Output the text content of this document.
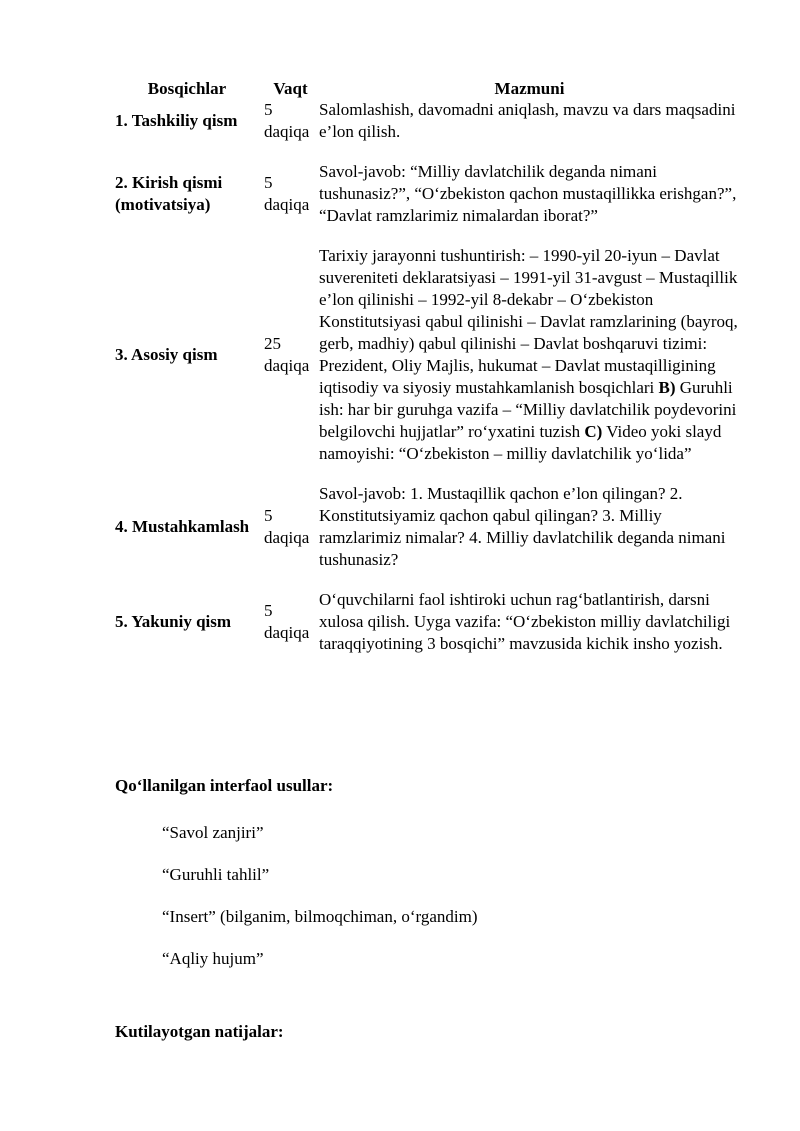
Bosqichlar	Vaqt	Mazmuni
1. Tashkiliy qism	5 daqiqa	Salomlashish, davomadni aniqlash, mavzu va dars maqsadini e’lon qilish.

2. Kirish qismi (motivatsiya)	5 daqiqa	Savol-javob: “Milliy davlatchilik deganda nimani tushunasiz?”, “O‘zbekiston qachon mustaqillikka erishgan?”, “Davlat ramzlarimiz nimalardan iborat?”

3. Asosiy qism	25 daqiqa	Tarixiy jarayonni tushuntirish: – 1990-yil 20-iyun – Davlat suvereniteti deklaratsiyasi – 1991-yil 31-avgust – Mustaqillik e’lon qilinishi – 1992-yil 8-dekabr – O‘zbekiston Konstitutsiyasi qabul qilinishi – Davlat ramzlarining (bayroq, gerb, madhiy) qabul qilinishi – Davlat boshqaruvi tizimi: Prezident, Oliy Majlis, hukumat – Davlat mustaqilligining iqtisodiy va siyosiy mustahkamlanish bosqichlari B) Guruhli ish: har bir guruhga vazifa – “Milliy davlatchilik poydevorini belgilovchi hujjatlar” ro‘yxatini tuzish C) Video yoki slayd namoyishi: “O‘zbekiston – milliy davlatchilik yo‘lida”

4. Mustahkamlash	5 daqiqa	Savol-javob: 1. Mustaqillik qachon e’lon qilingan? 2. Konstitutsiyamiz qachon qabul qilingan? 3. Milliy ramzlarimiz nimalar? 4. Milliy davlatchilik deganda nimani tushunasiz?

5. Yakuniy qism	5 daqiqa	O‘quvchilarni faol ishtiroki uchun rag‘batlantirish, darsni xulosa qilish. Uyga vazifa: “O‘zbekiston milliy davlatchiligi taraqqiyotining 3 bosqichi” mavzusida kichik insho yozish.

Qo‘llanilgan interfaol usullar:

“Savol zanjiri”
“Guruhli tahlil”
“Insert” (bilganim, bilmoqchiman, o‘rgandim)
“Aqliy hujum”

Kutilayotgan natijalar:
